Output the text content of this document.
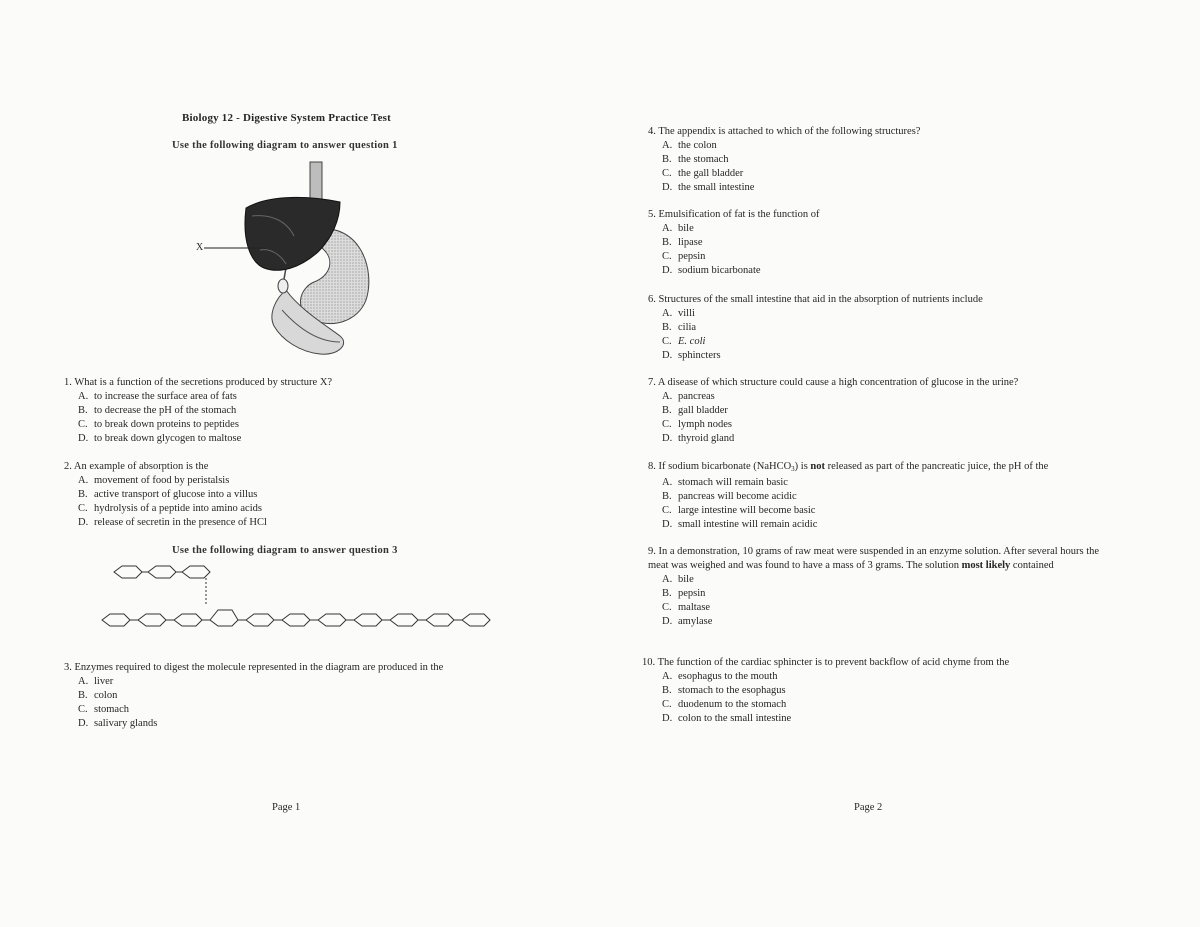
Biology 12 - Digestive System Practice Test
Use the following diagram to answer question 1
X
1. What is a function of the secretions produced by structure X?
A. to increase the surface area of fats
B. to decrease the pH of the stomach
C. to break down proteins to peptides
D. to break down glycogen to maltose
2. An example of absorption is the
A. movement of food by peristalsis
B. active transport of glucose into a villus
C. hydrolysis of a peptide into amino acids
D. release of secretin in the presence of HCl
Use the following diagram to answer question 3
3. Enzymes required to digest the molecule represented in the diagram are produced in the
A. liver
B. colon
C. stomach
D. salivary glands
Page 1
4. The appendix is attached to which of the following structures?
A. the colon
B. the stomach
C. the gall bladder
D. the small intestine
5. Emulsification of fat is the function of
A. bile
B. lipase
C. pepsin
D. sodium bicarbonate
6. Structures of the small intestine that aid in the absorption of nutrients include
A. villi
B. cilia
C. E. coli
D. sphincters
7. A disease of which structure could cause a high concentration of glucose in the urine?
A. pancreas
B. gall bladder
C. lymph nodes
D. thyroid gland
8. If sodium bicarbonate (NaHCO$_3$) is not released as part of the pancreatic juice, the pH of the
A. stomach will remain basic
B. pancreas will become acidic
C. large intestine will become basic
D. small intestine will remain acidic
9. In a demonstration, 10 grams of raw meat were suspended in an enzyme solution. After several hours the meat was weighed and was found to have a mass of 3 grams. The solution most likely contained
A. bile
B. pepsin
C. maltase
D. amylase
10. The function of the cardiac sphincter is to prevent backflow of acid chyme from the
A. esophagus to the mouth
B. stomach to the esophagus
C. duodenum to the stomach
D. colon to the small intestine
Page 2
